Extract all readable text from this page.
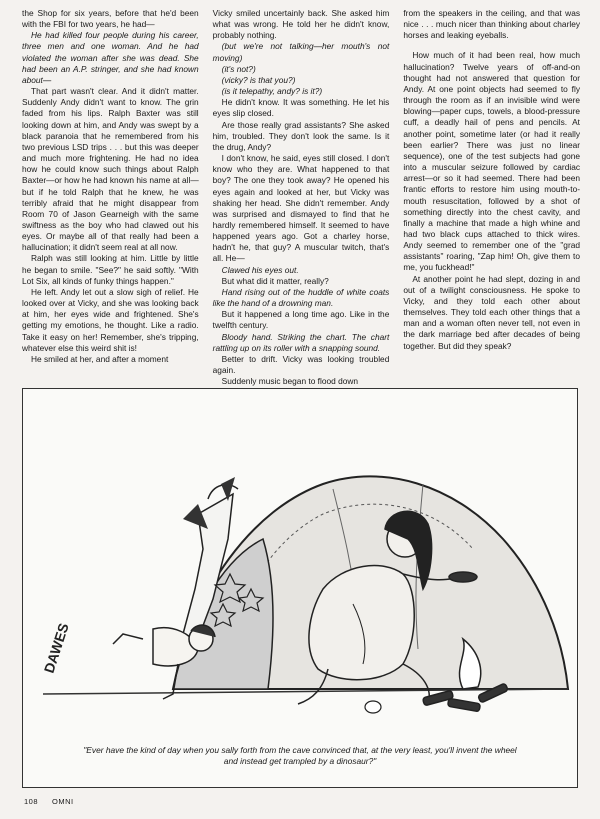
the Shop for six years, before that he'd been with the FBI for two years, he had—

He had killed four people during his career, three men and one woman. And he had violated the woman after she was dead. She had been an A.P. stringer, and she had known about—

That part wasn't clear. And it didn't matter. Suddenly Andy didn't want to know. The grin faded from his lips. Ralph Baxter was still looking down at him, and Andy was swept by a black paranoia that he remembered from his two previous LSD trips . . . but this was deeper and much more frightening. He had no idea how he could know such things about Ralph Baxter—or how he had known his name at all—but if he told Ralph that he knew, he was terribly afraid that he might disappear from Room 70 of Jason Gearneigh with the same swiftness as the boy who had clawed out his eyes. Or maybe all of that really had been a hallucination; it didn't seem real at all now.

Ralph was still looking at him. Little by little he began to smile. "See?" he said softly. "With Lot Six, all kinds of funky things happen."

He left. Andy let out a slow sigh of relief. He looked over at Vicky, and she was looking back at him, her eyes wide and frightened. She's getting my emotions, he thought. Like a radio. Take it easy on her! Remember, she's tripping, whatever else this weird shit is!

He smiled at her, and after a moment

Vicky smiled uncertainly back. She asked him what was wrong. He told her he didn't know, probably nothing.

(but we're not talking—her mouth's not moving)

(it's not?)

(vicky? is that you?)

(is it telepathy, andy? is it?)

He didn't know. It was something. He let his eyes slip closed.

Are those really grad assistants? She asked him, troubled. They don't look the same. Is it the drug, Andy?

I don't know, he said, eyes still closed. I don't know who they are. What happened to that boy? The one they took away? He opened his eyes again and looked at her, but Vicky was shaking her head. She didn't remember. Andy was surprised and dismayed to find that he hardly remembered himself. It seemed to have happened years ago. Got a charley horse, hadn't he, that guy? A muscular twitch, that's all. He—

Clawed his eyes out.

But what did it matter, really?

Hand rising out of the huddle of white coats like the hand of a drowning man.

But it happened a long time ago. Like in the twelfth century.

Bloody hand. Striking the chart. The chart rattling up on its roller with a snapping sound.

Better to drift. Vicky was looking troubled again.

Suddenly music began to flood down

from the speakers in the ceiling, and that was nice . . . much nicer than thinking about charley horses and leaking eyeballs.

How much of it had been real, how much hallucination? Twelve years of off-and-on thought had not answered that question for Andy. At one point objects had seemed to fly through the room as if an invisible wind were blowing—paper cups, towels, a blood-pressure cuff, a deadly hail of pens and pencils. At another point, sometime later (or had it really been earlier? There was just no linear sequence), one of the test subjects had gone into a muscular seizure followed by cardiac arrest—or so it had seemed. There had been frantic efforts to restore him using mouth-to-mouth resuscitation, followed by a shot of something directly into the chest cavity, and finally a machine that made a high whine and had two black cups attached to thick wires. Andy seemed to remember one of the "grad assistants" roaring, "Zap him! Oh, give them to me, you fuckhead!"

At another point he had slept, dozing in and out of a twilight consciousness. He spoke to Vicky, and they told each other about themselves. They told each other things that a man and a woman often never tell, not even in the dark marriage bed after decades of being together. But did they speak?

DAWES
"Ever have the kind of day when you sally forth from the cave convinced that, at the very least, you'll invent the wheel and instead get trampled by a dinosaur?"
108 OMNI
